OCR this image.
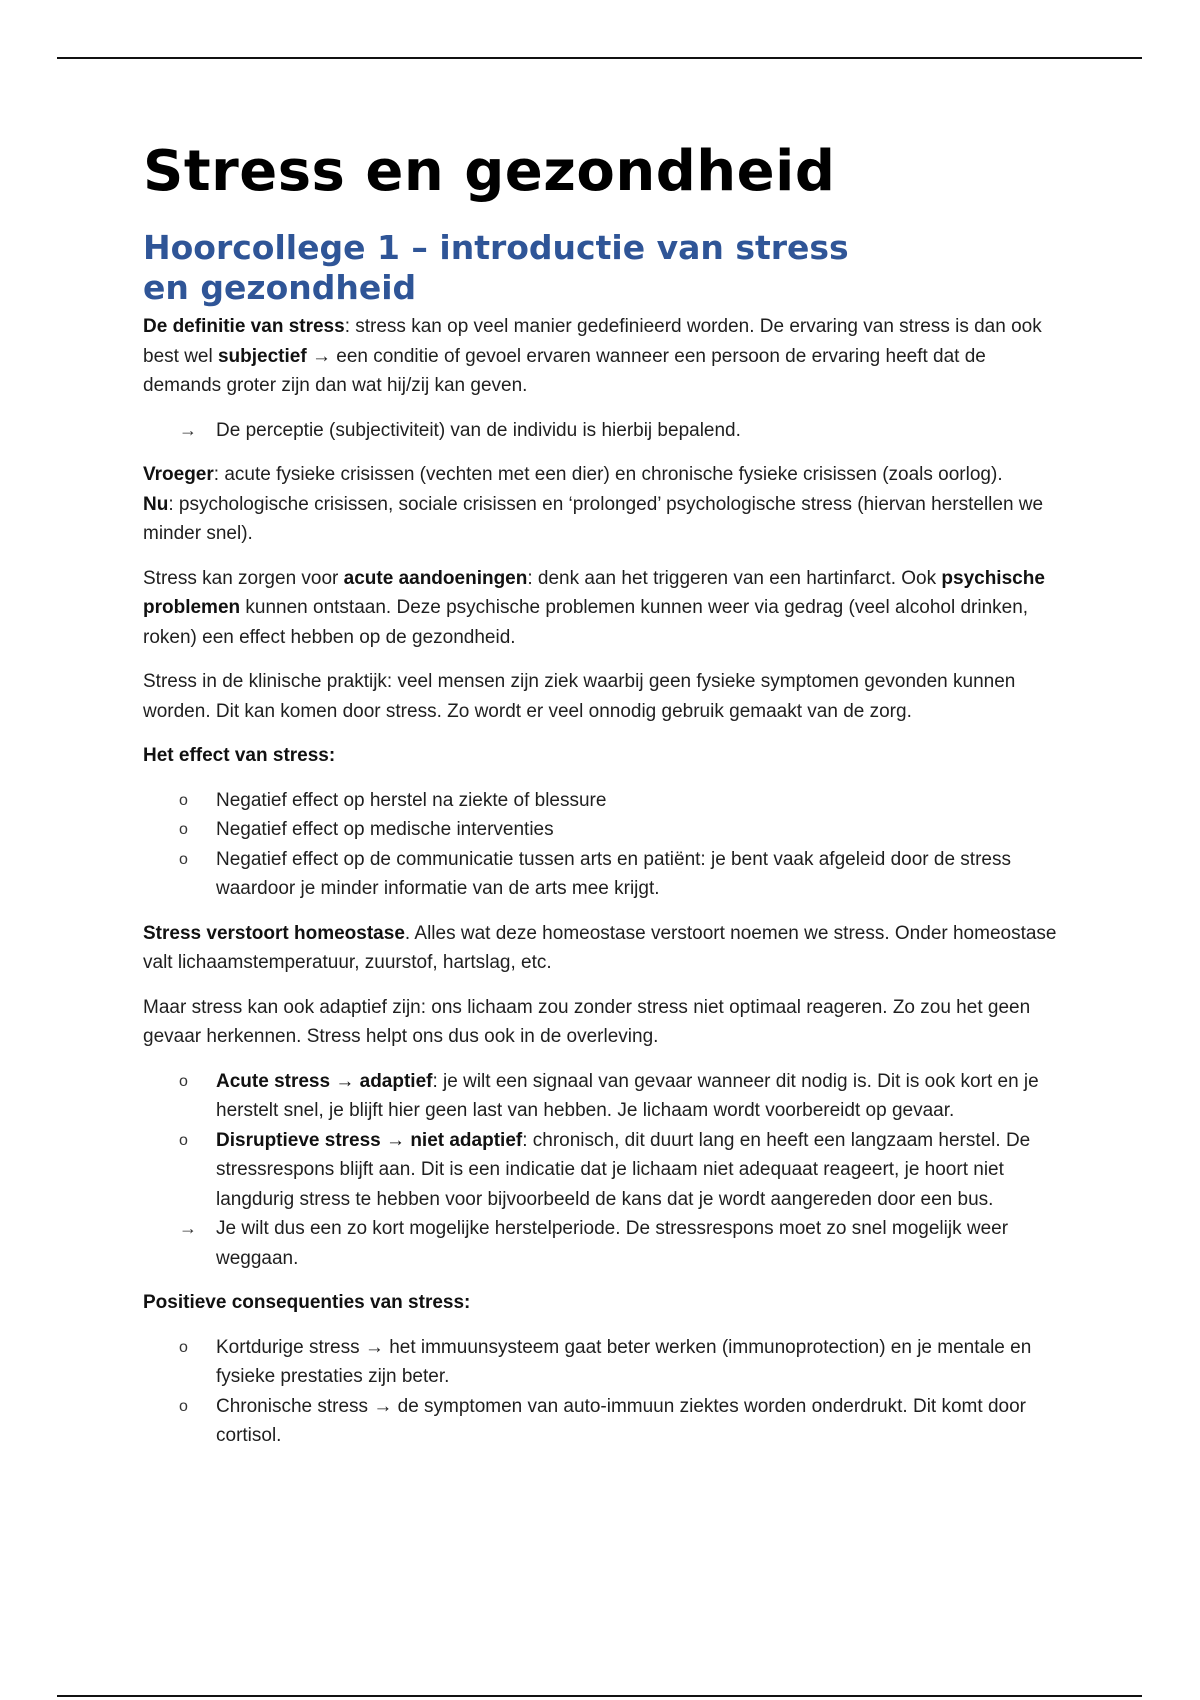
Stress en gezondheid
Hoorcollege 1 – introductie van stress en gezondheid

De definitie van stress: stress kan op veel manier gedefinieerd worden. De ervaring van stress is dan ook best wel subjectief → een conditie of gevoel ervaren wanneer een persoon de ervaring heeft dat de demands groter zijn dan wat hij/zij kan geven.

→	De perceptie (subjectiviteit) van de individu is hierbij bepalend.

Vroeger: acute fysieke crisissen (vechten met een dier) en chronische fysieke crisissen (zoals oorlog).
Nu: psychologische crisissen, sociale crisissen en ‘prolonged’ psychologische stress (hiervan herstellen we minder snel).

Stress kan zorgen voor acute aandoeningen: denk aan het triggeren van een hartinfarct. Ook psychische problemen kunnen ontstaan. Deze psychische problemen kunnen weer via gedrag (veel alcohol drinken, roken) een effect hebben op de gezondheid.

Stress in de klinische praktijk: veel mensen zijn ziek waarbij geen fysieke symptomen gevonden kunnen worden. Dit kan komen door stress. Zo wordt er veel onnodig gebruik gemaakt van de zorg.

Het effect van stress:

o	Negatief effect op herstel na ziekte of blessure
o	Negatief effect op medische interventies
o	Negatief effect op de communicatie tussen arts en patiënt: je bent vaak afgeleid door de stress waardoor je minder informatie van de arts mee krijgt.

Stress verstoort homeostase. Alles wat deze homeostase verstoort noemen we stress. Onder homeostase valt lichaamstemperatuur, zuurstof, hartslag, etc.

Maar stress kan ook adaptief zijn: ons lichaam zou zonder stress niet optimaal reageren. Zo zou het geen gevaar herkennen. Stress helpt ons dus ook in de overleving.

o	Acute stress → adaptief: je wilt een signaal van gevaar wanneer dit nodig is. Dit is ook kort en je herstelt snel, je blijft hier geen last van hebben. Je lichaam wordt voorbereidt op gevaar.
o	Disruptieve stress → niet adaptief: chronisch, dit duurt lang en heeft een langzaam herstel. De stressrespons blijft aan. Dit is een indicatie dat je lichaam niet adequaat reageert, je hoort niet langdurig stress te hebben voor bijvoorbeeld de kans dat je wordt aangereden door een bus.
→	Je wilt dus een zo kort mogelijke herstelperiode. De stressrespons moet zo snel mogelijk weer weggaan.

Positieve consequenties van stress:

o	Kortdurige stress → het immuunsysteem gaat beter werken (immunoprotection) en je mentale en fysieke prestaties zijn beter.
o	Chronische stress → de symptomen van auto-immuun ziektes worden onderdrukt. Dit komt door cortisol.
